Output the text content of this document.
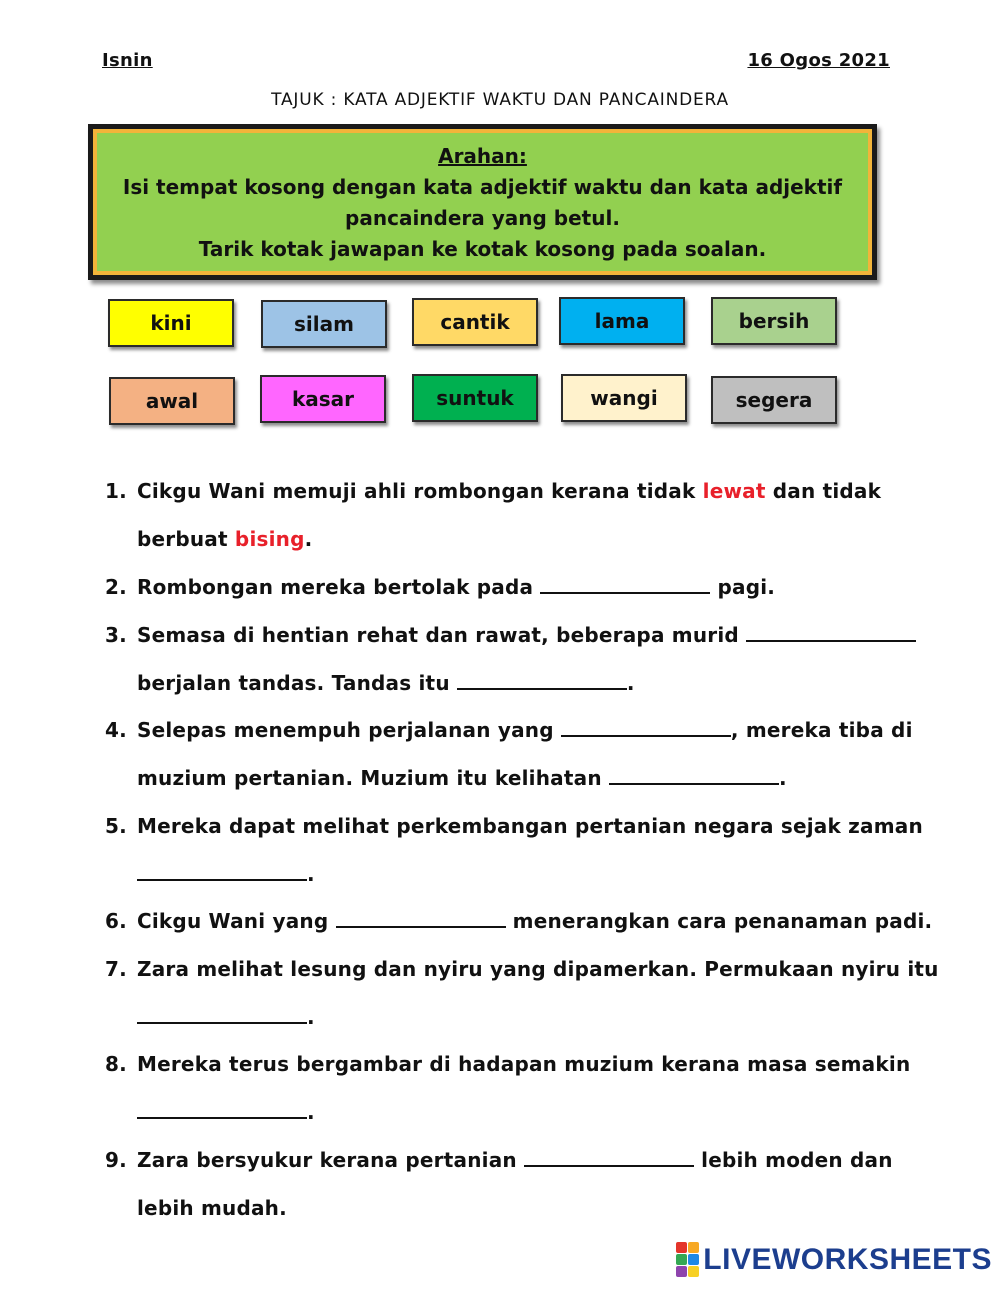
Isnin	16 Ogos 2021
TAJUK : KATA ADJEKTIF WAKTU DAN PANCAINDERA
Arahan:
Isi tempat kosong dengan kata adjektif waktu dan kata adjektif
pancaindera yang betul.
Tarik kotak jawapan ke kotak kosong pada soalan.
kini	silam	cantik	lama	bersih
awal	kasar	suntuk	wangi	segera
1. Cikgu Wani memuji ahli rombongan kerana tidak lewat dan tidak
berbuat bising.
2. Rombongan mereka bertolak pada	pagi.
3. Semasa di hentian rehat dan rawat, beberapa murid
berjalan tandas. Tandas itu	.
4. Selepas menempuh perjalanan yang	, mereka tiba di
muzium pertanian. Muzium itu kelihatan	.
5. Mereka dapat melihat perkembangan pertanian negara sejak zaman
.
6. Cikgu Wani yang	menerangkan cara penanaman padi.
7. Zara melihat lesung dan nyiru yang dipamerkan. Permukaan nyiru itu
.
8. Mereka terus bergambar di hadapan muzium kerana masa semakin
.
9. Zara bersyukur kerana pertanian	lebih moden dan
lebih mudah.
LIVEWORKSHEETS
